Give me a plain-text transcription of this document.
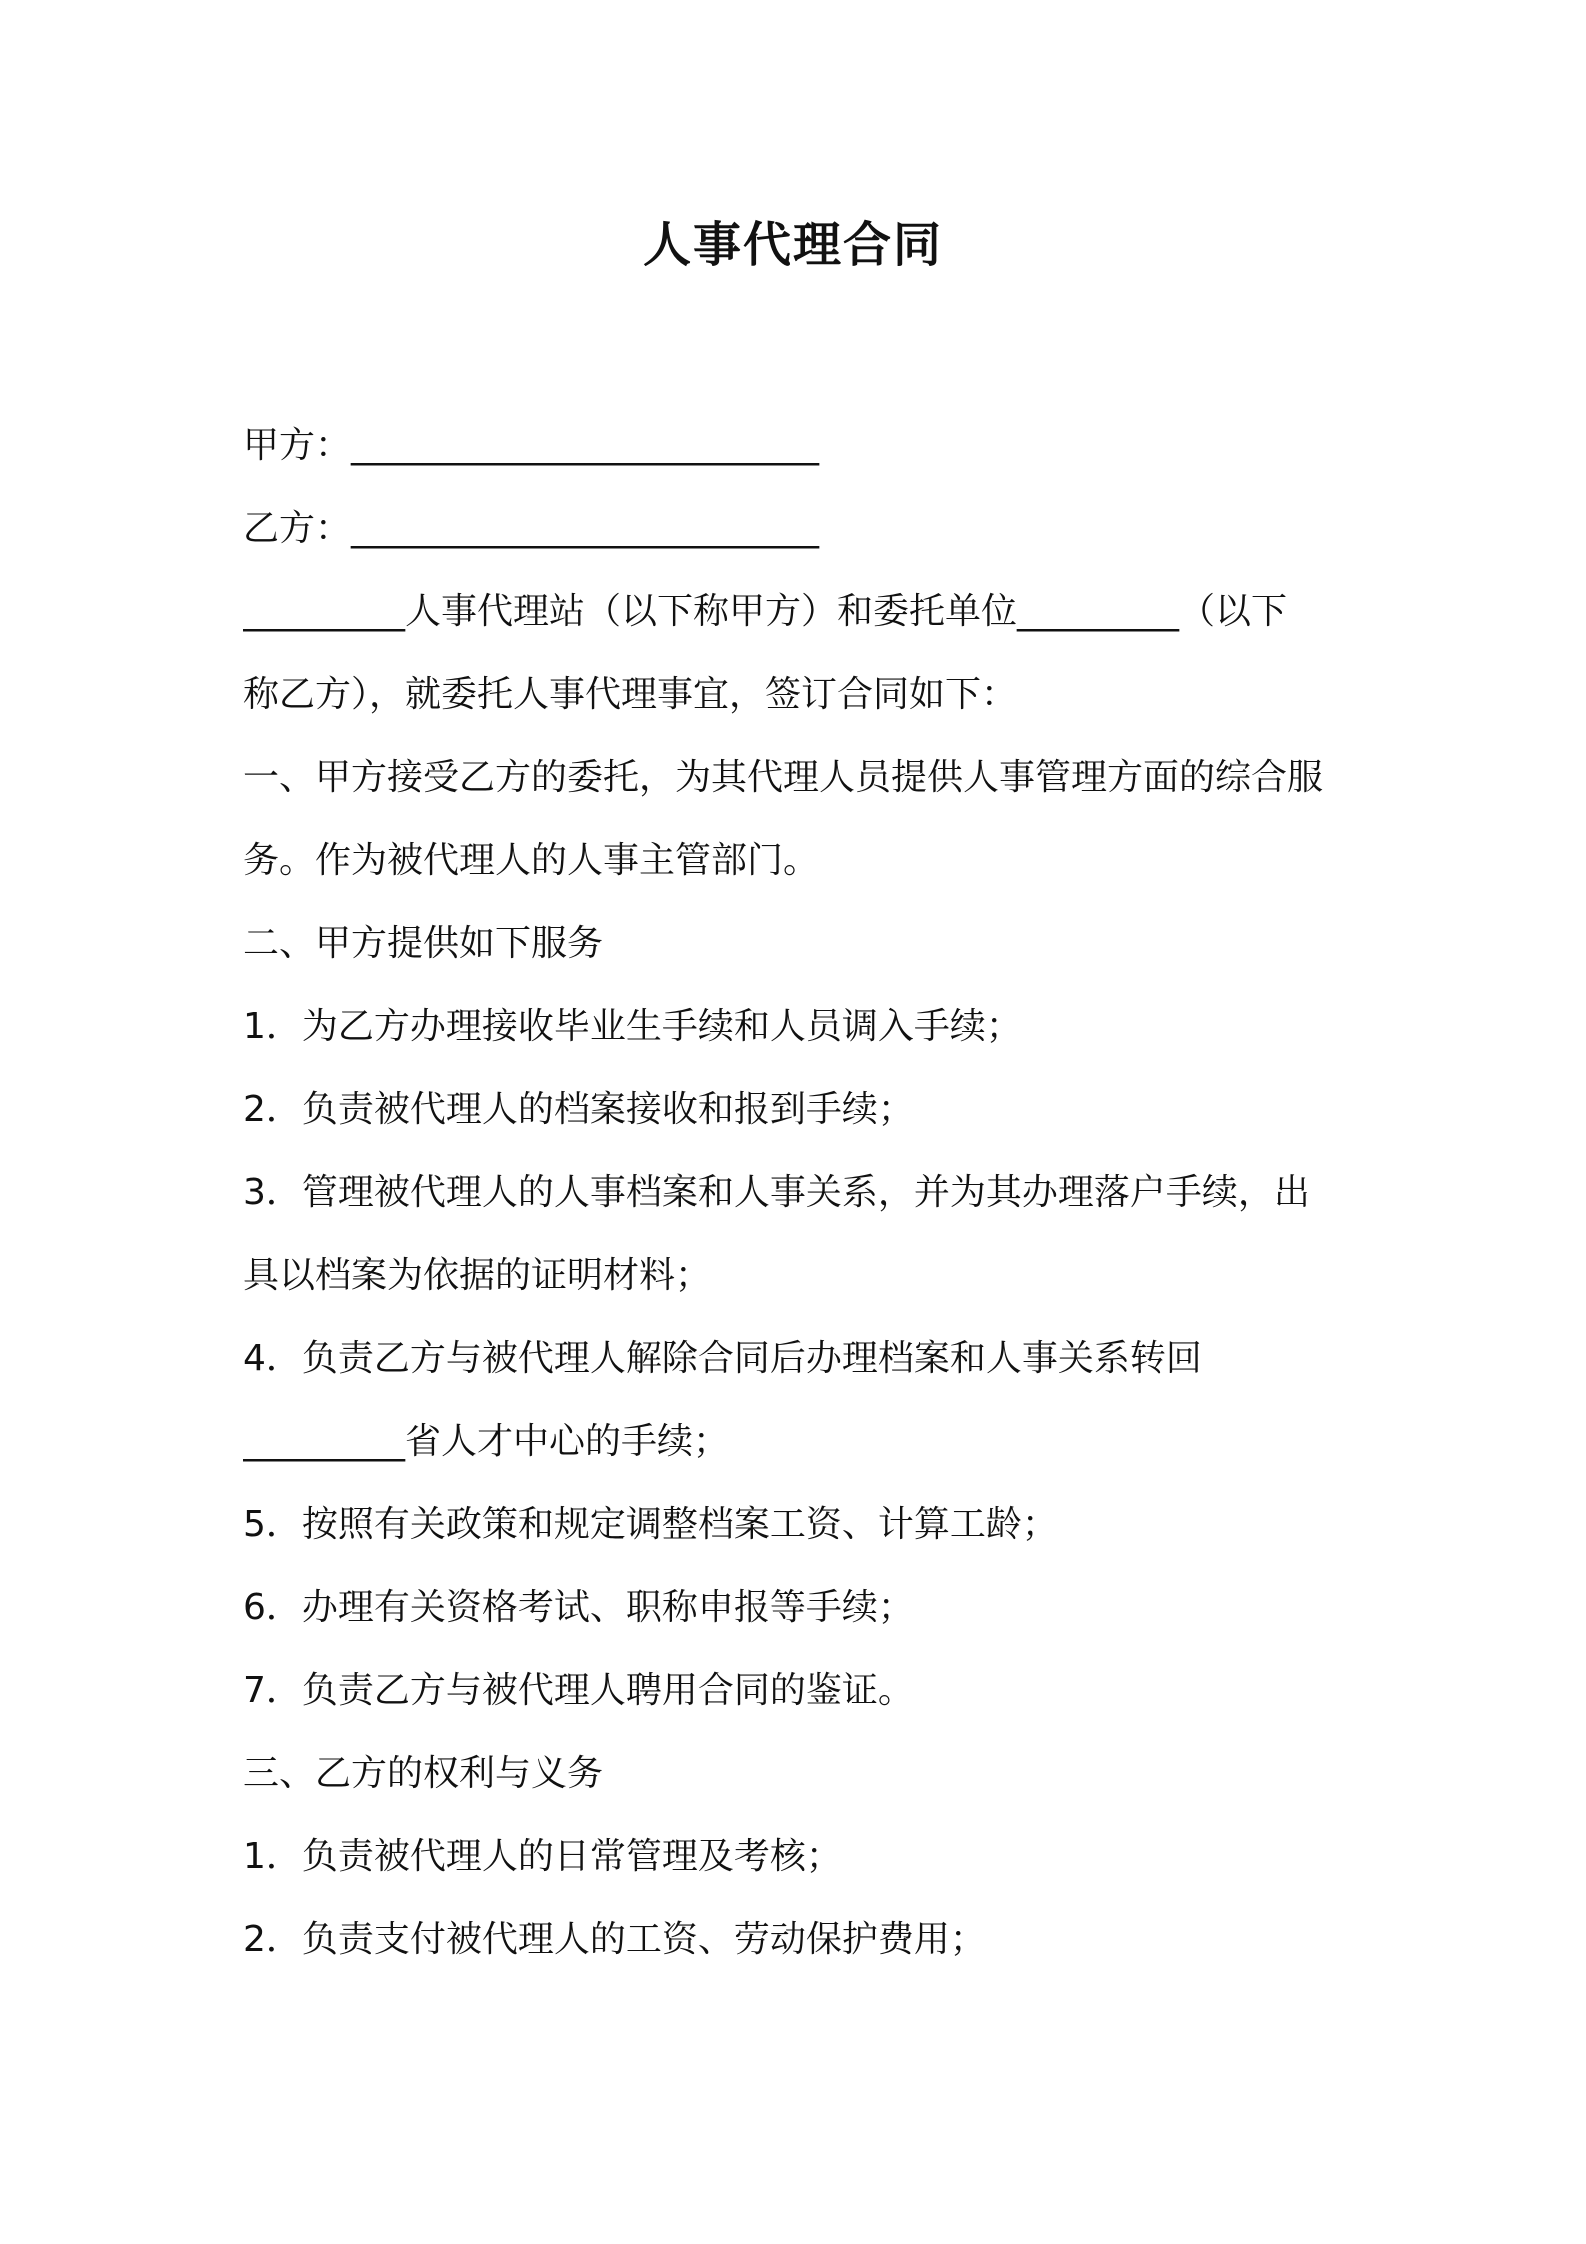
人事代理合同
甲方：__________________________
乙方：__________________________
_________人事代理站（以下称甲方）和委托单位_________（以下
称乙方），就委托人事代理事宜，签订合同如下：
一、甲方接受乙方的委托，为其代理人员提供人事管理方面的综合服
务。作为被代理人的人事主管部门。
二、甲方提供如下服务
1．为乙方办理接收毕业生手续和人员调入手续；
2．负责被代理人的档案接收和报到手续；
3．管理被代理人的人事档案和人事关系，并为其办理落户手续，出
具以档案为依据的证明材料；
4．负责乙方与被代理人解除合同后办理档案和人事关系转回
_________省人才中心的手续；
5．按照有关政策和规定调整档案工资、计算工龄；
6．办理有关资格考试、职称申报等手续；
7．负责乙方与被代理人聘用合同的鉴证。
三、乙方的权利与义务
1．负责被代理人的日常管理及考核；
2．负责支付被代理人的工资、劳动保护费用；
